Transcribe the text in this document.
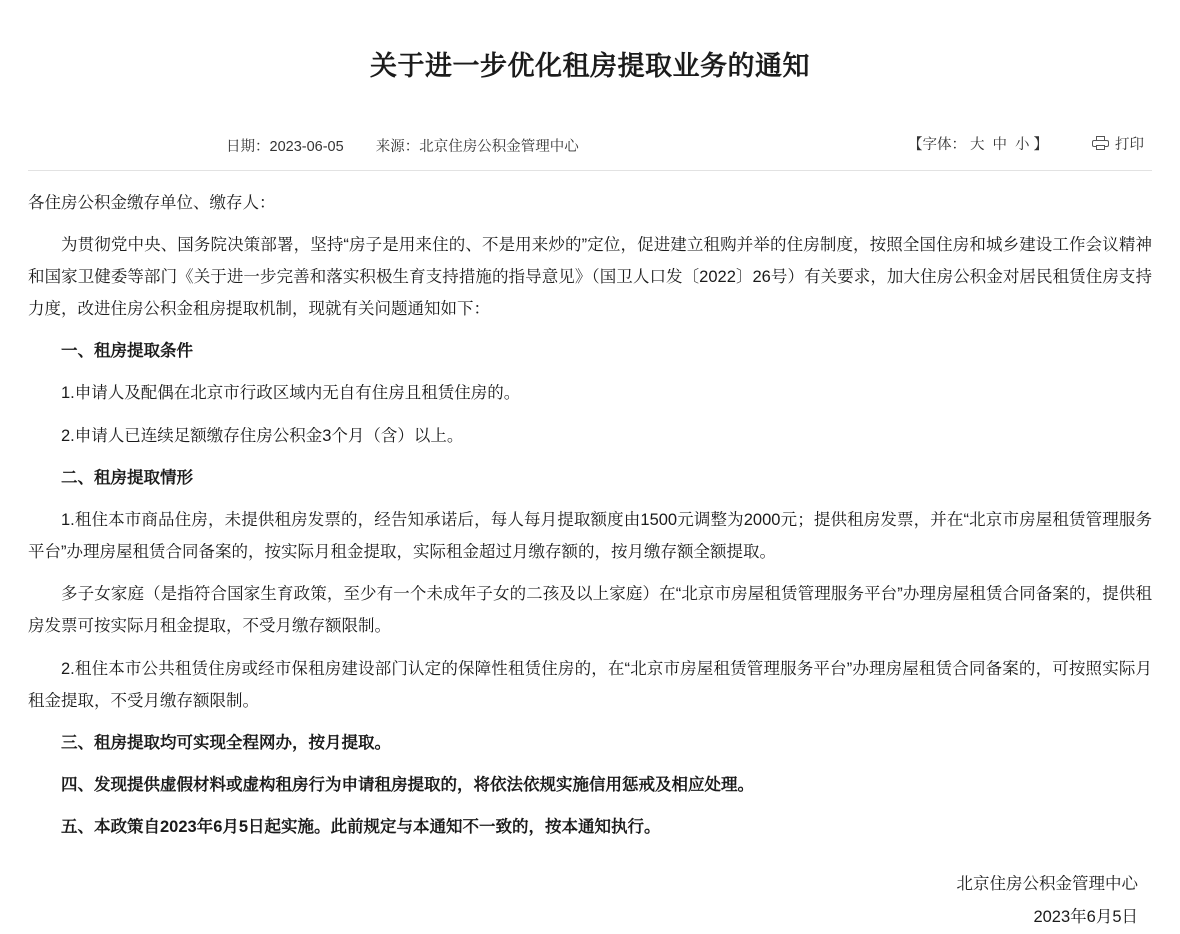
关于进一步优化租房提取业务的通知
日期：2023-06-05 来源：北京住房公积金管理中心	【字体： 大 中 小 】	打印

各住房公积金缴存单位、缴存人：

为贯彻党中央、国务院决策部署，坚持“房子是用来住的、不是用来炒的”定位，促进建立租购并举的住房制度，按照全国住房和城乡建设工作会议精神和国家卫健委等部门《关于进一步完善和落实积极生育支持措施的指导意见》（国卫人口发〔2022〕26号）有关要求，加大住房公积金对居民租赁住房支持力度，改进住房公积金租房提取机制，现就有关问题通知如下：

一、租房提取条件

1.申请人及配偶在北京市行政区域内无自有住房且租赁住房的。

2.申请人已连续足额缴存住房公积金3个月（含）以上。

二、租房提取情形

1.租住本市商品住房，未提供租房发票的，经告知承诺后，每人每月提取额度由1500元调整为2000元；提供租房发票，并在“北京市房屋租赁管理服务平台”办理房屋租赁合同备案的，按实际月租金提取，实际租金超过月缴存额的，按月缴存额全额提取。

多子女家庭（是指符合国家生育政策，至少有一个未成年子女的二孩及以上家庭）在“北京市房屋租赁管理服务平台”办理房屋租赁合同备案的，提供租房发票可按实际月租金提取，不受月缴存额限制。

2.租住本市公共租赁住房或经市保租房建设部门认定的保障性租赁住房的，在“北京市房屋租赁管理服务平台”办理房屋租赁合同备案的，可按照实际月租金提取，不受月缴存额限制。

三、租房提取均可实现全程网办，按月提取。

四、发现提供虚假材料或虚构租房行为申请租房提取的，将依法依规实施信用惩戒及相应处理。

五、本政策自2023年6月5日起实施。此前规定与本通知不一致的，按本通知执行。

北京住房公积金管理中心
2023年6月5日
